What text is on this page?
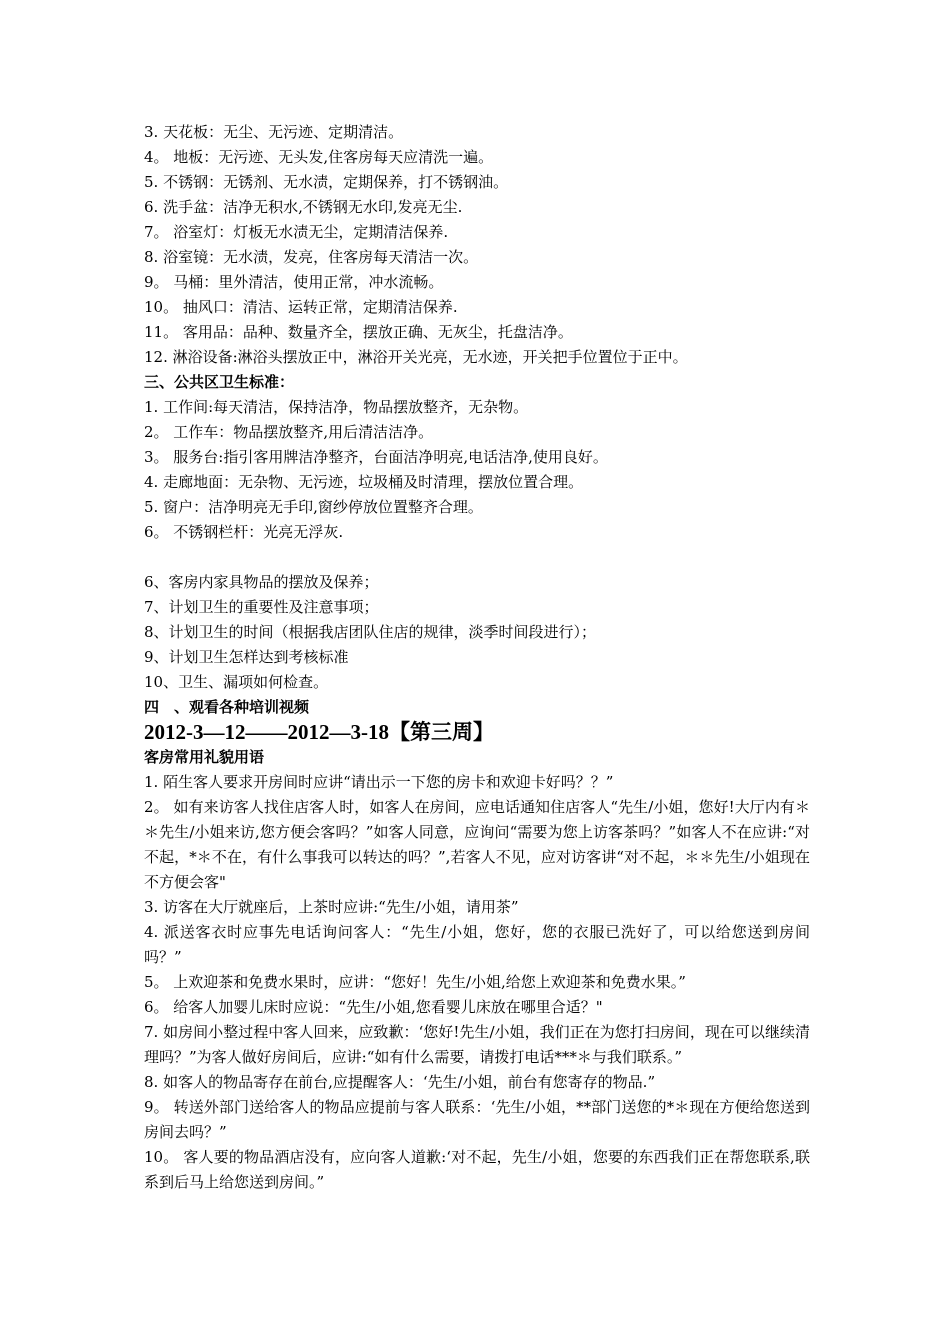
3. 天花板：无尘、无污迹、定期清洁。
4。 地板：无污迹、无头发,住客房每天应清洗一遍。
5. 不锈钢：无锈剂、无水渍，定期保养，打不锈钢油。
6. 洗手盆：洁净无积水,不锈钢无水印,发亮无尘.
7。 浴室灯：灯板无水渍无尘，定期清洁保养.
8. 浴室镜：无水渍，发亮，住客房每天清洁一次。
9。 马桶：里外清洁，使用正常，冲水流畅。
10。 抽风口：清洁、运转正常，定期清洁保养.
11。 客用品：品种、数量齐全，摆放正确、无灰尘，托盘洁净。
12. 淋浴设备:淋浴头摆放正中，淋浴开关光亮，无水迹，开关把手位置位于正中。
三、公共区卫生标准：
1. 工作间:每天清洁，保持洁净，物品摆放整齐，无杂物。
2。 工作车：物品摆放整齐,用后清洁洁净。
3。 服务台:指引客用牌洁净整齐，台面洁净明亮,电话洁净,使用良好。
4. 走廊地面：无杂物、无污迹，垃圾桶及时清理，摆放位置合理。
5. 窗户：洁净明亮无手印,窗纱停放位置整齐合理。
6。 不锈钢栏杆：光亮无浮灰.
6、客房内家具物品的摆放及保养；
7、计划卫生的重要性及注意事项；
8、计划卫生的时间（根据我店团队住店的规律，淡季时间段进行）；
9、计划卫生怎样达到考核标准
10、卫生、漏项如何检查。
四　、观看各种培训视频
2012-3—12——2012—3-18【第三周】
客房常用礼貌用语
1. 陌生客人要求开房间时应讲“请出示一下您的房卡和欢迎卡好吗？？”
2。 如有来访客人找住店客人时，如客人在房间，应电话通知住店客人“先生/小姐，您好!大厅内有＊＊先生/小姐来访,您方便会客吗？”如客人同意，应询问“需要为您上访客茶吗？”如客人不在应讲:“对不起，*＊不在，有什么事我可以转达的吗？”,若客人不见，应对访客讲“对不起，＊＊先生/小姐现在不方便会客"
3. 访客在大厅就座后，上茶时应讲:“先生/小姐，请用茶”
4. 派送客衣时应事先电话询问客人：“先生/小姐，您好，您的衣服已洗好了，可以给您送到房间吗？”
5。 上欢迎茶和免费水果时，应讲：“您好！先生/小姐,给您上欢迎茶和免费水果。”
6。 给客人加婴儿床时应说：“先生/小姐,您看婴儿床放在哪里合适？"
7. 如房间小整过程中客人回来，应致歉：‘您好!先生/小姐，我们正在为您打扫房间，现在可以继续清理吗？”为客人做好房间后，应讲:“如有什么需要，请拨打电话***＊与我们联系。”
8. 如客人的物品寄存在前台,应提醒客人：‘先生/小姐，前台有您寄存的物品.”
9。 转送外部门送给客人的物品应提前与客人联系：‘先生/小姐，**部门送您的*＊现在方便给您送到房间去吗？”
10。 客人要的物品酒店没有，应向客人道歉:‘对不起，先生/小姐，您要的东西我们正在帮您联系,联系到后马上给您送到房间。”
